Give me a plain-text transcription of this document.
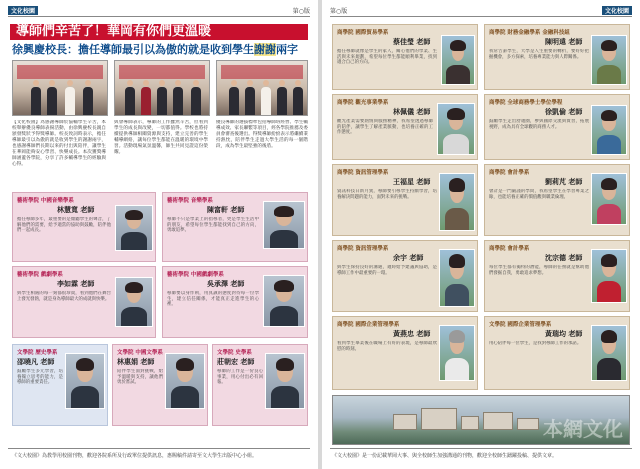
文化校園	第○版
導師們辛苦了！華岡有你們更溫暖
徐興慶校長：擔任導師最引以為傲的就是收到學生謝謝兩字
【文化校園】為感謝導師於協輔學生辛苦，本校舉辦優良導師表揚活動，由徐興慶校長親自頒發獎狀予得獎導師。校長致詞時表示，擔任導師最引以為傲的就是收到學生的謝謝兩字，也感謝導師們長期以來的付出與陪伴，讓學生在華岡能夠安心學習、快樂成長。本次獲獎導師涵蓋各學院，分享了許多輔導學生的經驗與心得。
與會導師表示，導師的工作雖然辛苦，但看到學生的成長與改變，一切都值得。學校也將持續提供導師相關資源與支持，建立完善的學生輔導網絡，讓每位學生都能在溫暖的環境中學習。活動現場氣氛溫馨，師生共同見證這份榮耀。
優良導師的選拔標準包括導師班經營、學生輔導成效、家長聯繫等項目，經各學院推薦及委員會審查後選出。得獎導師紛紛表示將繼續秉持熱忱，陪伴學生走過大學生活的每一個階段，成為學生最堅強的後盾。
藝術學院 中國音樂學系
林慧寬 老師
擔任導師多年，最重要的是傾聽學生的聲音，了解他們的需要，給予適當的協助與鼓勵，陪伴他們一起成長。
藝術學院 音樂學系
陳富軒 老師
導師不只是學業上的指導者，更是學生生活中的朋友，希望每位學生都能找到自己的方向，勇敢追夢。
藝術學院 戲劇學系
李如霖 老師
與學生相處的每一刻都很珍貴，看到他們在舞台上發光發熱，就是身為導師最大的成就與快樂。
藝術學院 中國戲劇學系
吳承澤 老師
導師要以身作則，用真誠的態度對待每一位學生，建立信任關係，才能真正走進學生的心裡。
文學院 歷史學系
邵曉凡 老師
鼓勵學生多元學習，培養獨立思考的能力，是導師的重要責任。
文學院 中國文學系
林惠娟 老師
陪伴學生面對挑戰，給予溫暖與支持，讓他們勇於嘗試。
文學院 史學系
莊朝宏 老師
導師的工作是一份良心事業，用心付出必有回報。
《文大校園》為教學用校園刊物，歡迎各院系所及行政單位提供訊息，惠賜稿件請寄至文大學生出版中心小組。
文化校園
第○版
商學院 國際貿易學系
蔡佳瑩 老師
擔任導師就像是學生的家人，關心他們的學業、生活與未來規劃，希望每位學生都能順利畢業，找到適合自己的方向。
商學院 財務金融學系 金融科技組
陳明遠 老師
我常告訴學生，大學是人生重要的轉折，要好好把握機會，多方探索，培養專業能力與人際關係。
商學院 觀光事業學系
林佩儀 老師
觀光產業需要熱情與服務精神，我希望透過導師的陪伴，讓學生了解產業脈動，也培養正確的工作態度。
商學院 全球商務學士學位學程
徐凱倫 老師
鼓勵學生走出舒適圈，參與國際交流與實習，拓展視野，成為具有全球觀的商務人才。
商學院 資訊管理學系
王福星 老師
資訊科技日新月異，導師要引導學生持續學習，培養解決問題的能力，面對未來的挑戰。
商學院 會計學系
劉莉芃 老師
會計是一門嚴謹的學問，我希望學生在學習專業之餘，也能培養正確的價值觀與職業倫理。
商學院 資訊管理學系
余宇 老師
與學生保持良好的溝通，適時給予建議與協助，是導師工作中最重要的一環。
商學院 會計學系
沈宗德 老師
每位學生都有獨特的潛能，導師的任務就是幫助他們發掘自我，勇敢追求夢想。
商學院 國際企業管理學系
黃燕忠 老師
看到學生畢業後在職場上有好的表現，是導師最欣慰的時刻。
文學院 國際企業管理學系
黃瑞均 老師
用心陪伴每一位學生，是我對導師工作的承諾。
本網文化
《文大校園》是一份記載華岡大事、與全校師生加強溝通的刊物，歡迎全校師生踴躍投稿、提供文章。
